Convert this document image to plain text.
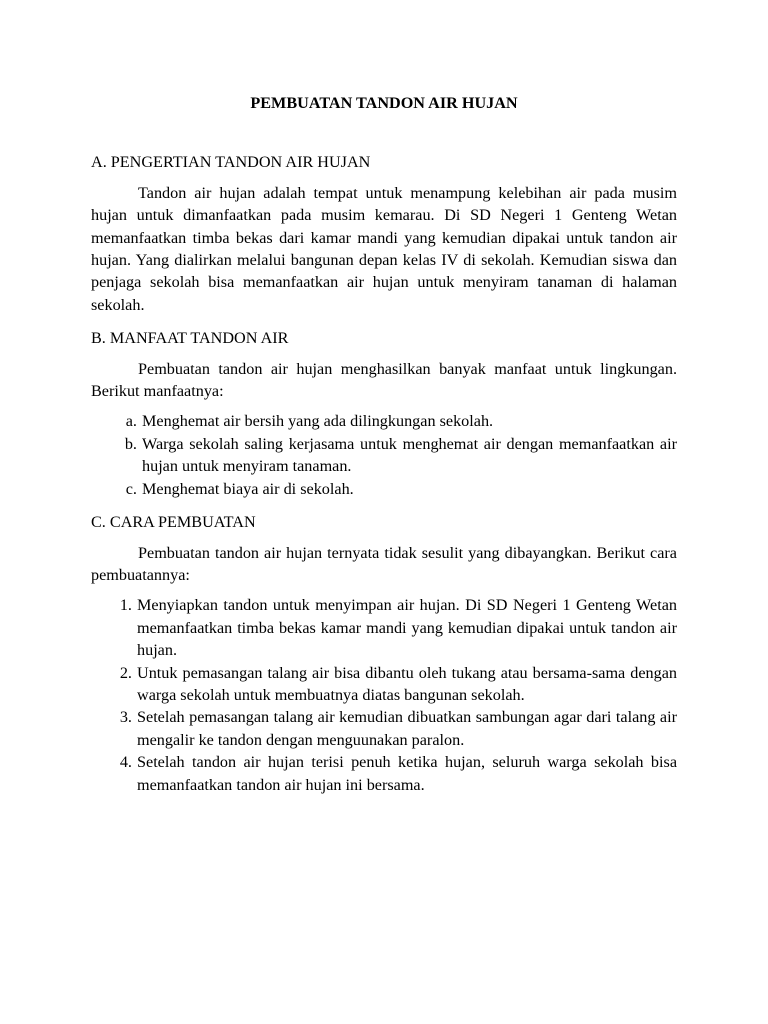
PEMBUATAN TANDON AIR HUJAN
A. PENGERTIAN TANDON AIR HUJAN
Tandon air hujan adalah tempat untuk menampung kelebihan air pada musim hujan untuk dimanfaatkan pada musim kemarau. Di SD Negeri 1 Genteng Wetan memanfaatkan timba bekas dari kamar mandi yang kemudian dipakai untuk tandon air hujan. Yang dialirkan melalui bangunan depan kelas IV di sekolah. Kemudian siswa dan penjaga sekolah bisa memanfaatkan air hujan untuk menyiram tanaman di halaman sekolah.
B. MANFAAT TANDON AIR
Pembuatan tandon air hujan menghasilkan banyak manfaat untuk lingkungan. Berikut manfaatnya:
a. Menghemat air bersih yang ada dilingkungan sekolah.
b. Warga sekolah saling kerjasama untuk menghemat air dengan memanfaatkan air hujan untuk menyiram tanaman.
c. Menghemat biaya air di sekolah.
C. CARA PEMBUATAN
Pembuatan tandon air hujan ternyata tidak sesulit yang dibayangkan. Berikut cara pembuatannya:
1. Menyiapkan tandon untuk menyimpan air hujan. Di SD Negeri 1 Genteng Wetan memanfaatkan timba bekas kamar mandi yang kemudian dipakai untuk tandon air hujan.
2. Untuk pemasangan talang air bisa dibantu oleh tukang atau bersama-sama dengan warga sekolah untuk membuatnya diatas bangunan sekolah.
3. Setelah pemasangan talang air kemudian dibuatkan sambungan agar dari talang air mengalir ke tandon dengan menguunakan paralon.
4. Setelah tandon air hujan terisi penuh ketika hujan, seluruh warga sekolah bisa memanfaatkan tandon air hujan ini bersama.
